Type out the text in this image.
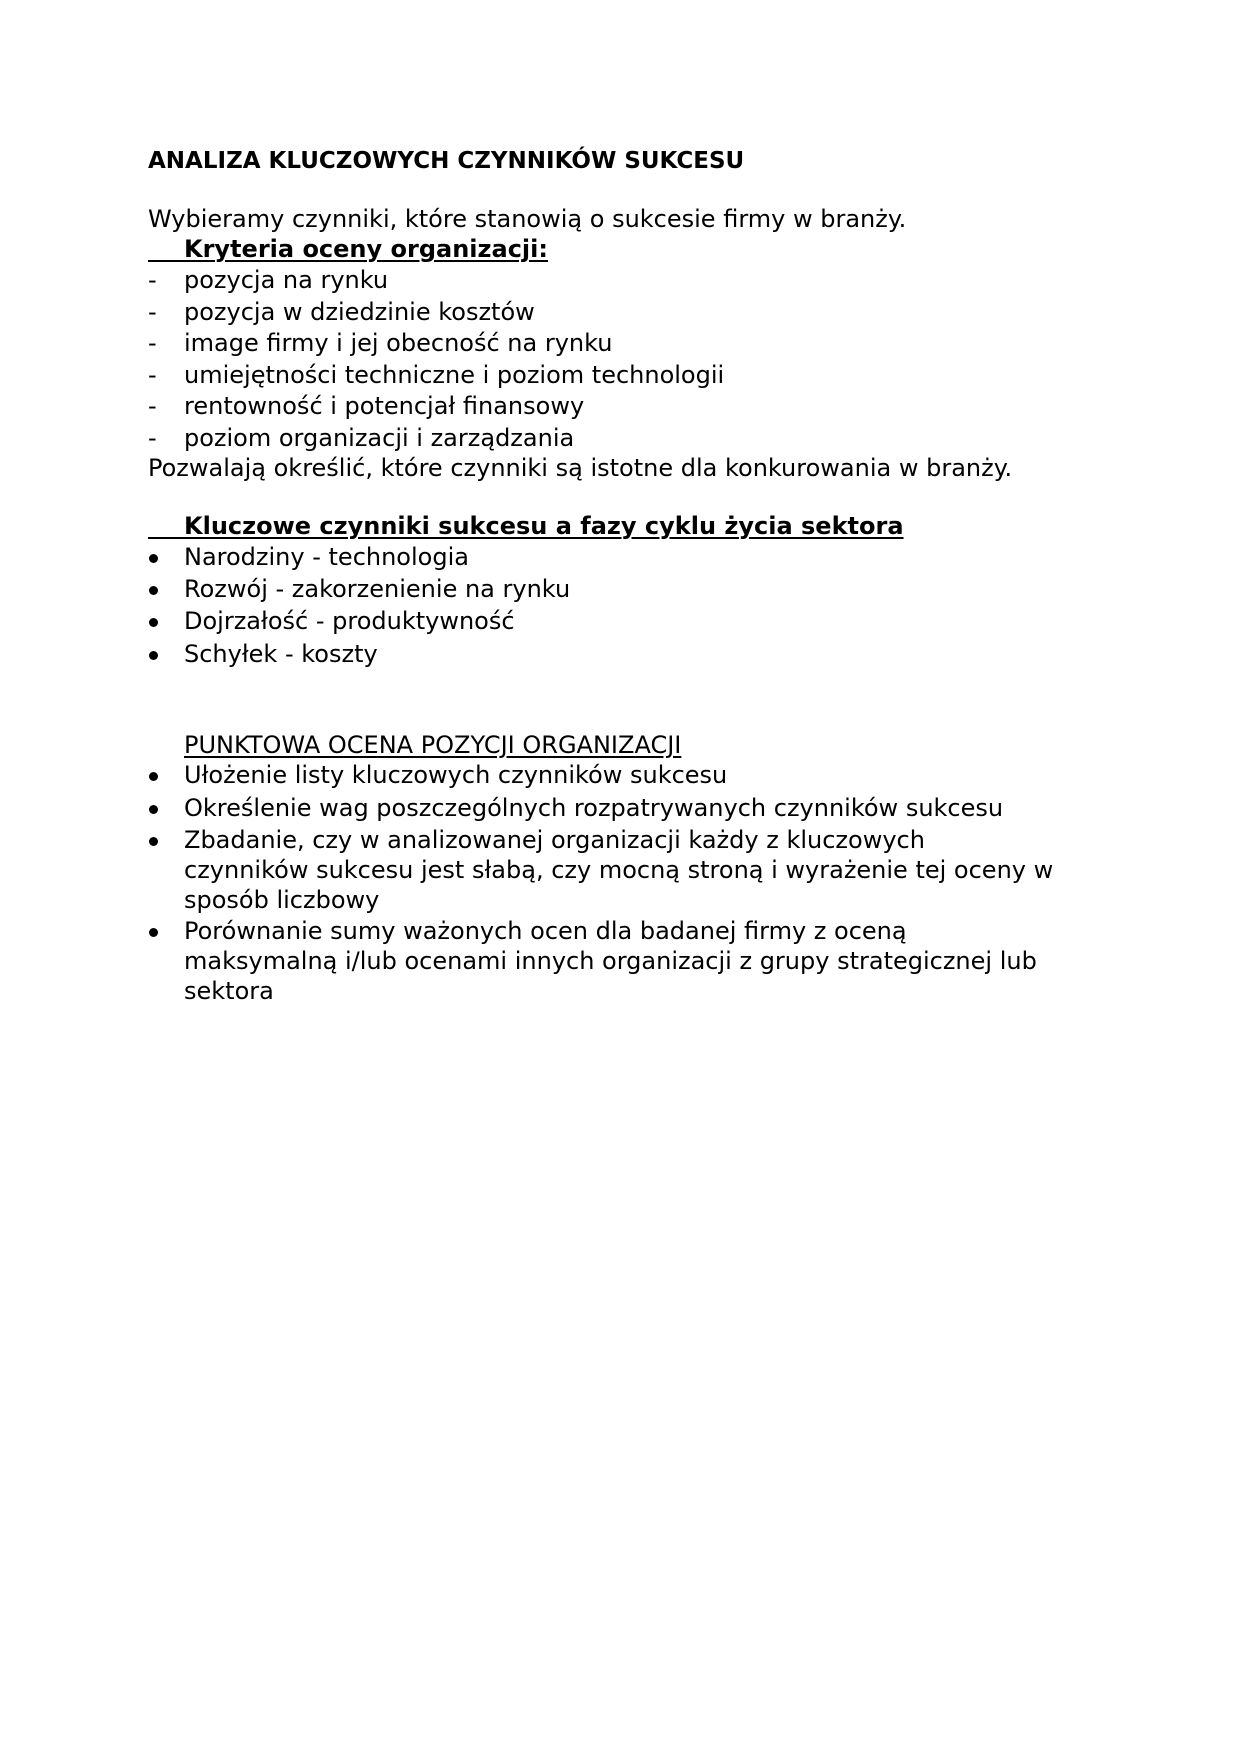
ANALIZA KLUCZOWYCH CZYNNIKÓW SUKCESU

Wybieramy czynniki, które stanowią o sukcesie firmy w branży.

Kryteria oceny organizacji:

- pozycja na rynku

- pozycja w dziedzinie kosztów

- image firmy i jej obecność na rynku

- umiejętności techniczne i poziom technologii

- rentowność i potencjał finansowy

- poziom organizacji i zarządzania

Pozwalają określić, które czynniki są istotne dla konkurowania w branży.

Kluczowe czynniki sukcesu a fazy cyklu życia sektora

Narodziny - technologia

Rozwój - zakorzenienie na rynku

Dojrzałość - produktywność

Schyłek - koszty

PUNKTOWA OCENA POZYCJI ORGANIZACJI

Ułożenie listy kluczowych czynników sukcesu

Określenie wag poszczególnych rozpatrywanych czynników sukcesu

Zbadanie, czy w analizowanej organizacji każdy z kluczowych

czynników sukcesu jest słabą, czy mocną stroną i wyrażenie tej oceny w

sposób liczbowy

Porównanie sumy ważonych ocen dla badanej firmy z oceną

maksymalną i/lub ocenami innych organizacji z grupy strategicznej lub

sektora
